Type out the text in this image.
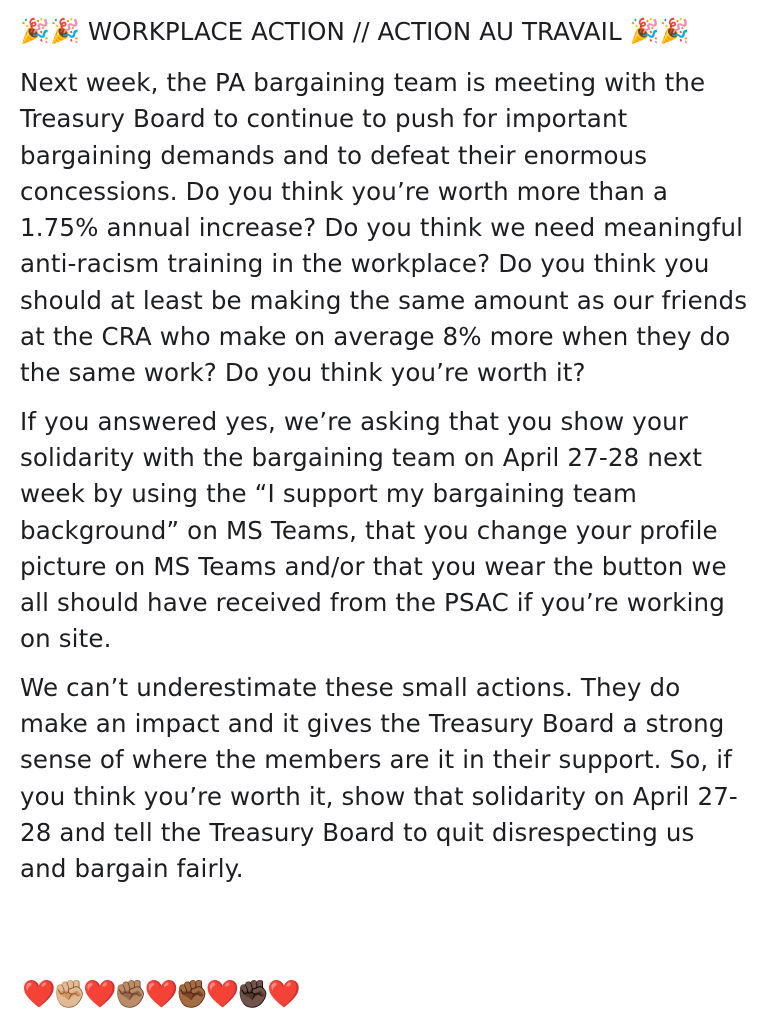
🎉🎉 WORKPLACE ACTION // ACTION AU TRAVAIL 🎉🎉

Next week, the PA bargaining team is meeting with the Treasury Board to continue to push for important bargaining demands and to defeat their enormous concessions. Do you think you’re worth more than a 1.75% annual increase? Do you think we need meaningful anti-racism training in the workplace? Do you think you should at least be making the same amount as our friends at the CRA who make on average 8% more when they do the same work? Do you think you’re worth it?

If you answered yes, we’re asking that you show your solidarity with the bargaining team on April 27-28 next week by using the “I support my bargaining team background” on MS Teams, that you change your profile picture on MS Teams and/or that you wear the button we all should have received from the PSAC if you’re working on site.

We can’t underestimate these small actions. They do make an impact and it gives the Treasury Board a strong sense of where the members are it in their support. So, if you think you’re worth it, show that solidarity on April 27-28 and tell the Treasury Board to quit disrespecting us and bargain fairly.

❤️✊🏼❤️✊🏽❤️✊🏾❤️✊🏿❤️
